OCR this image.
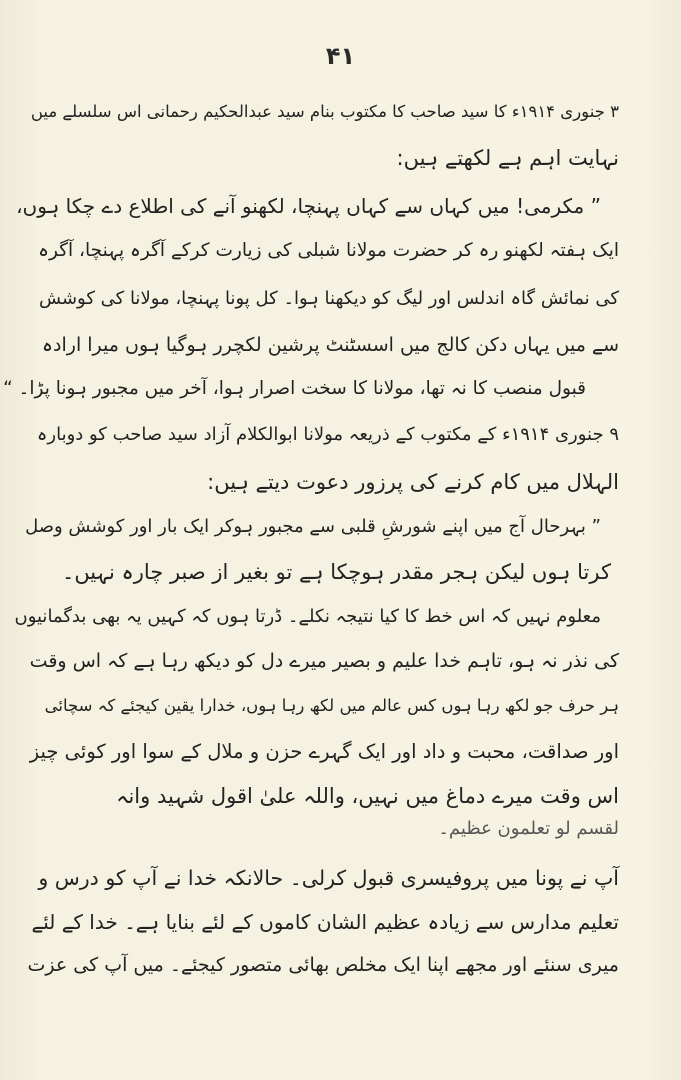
۴۱
۳ جنوری ۱۹۱۴ء کا سید صاحب کا مکتوب بنام سید عبدالحکیم رحمانی اس سلسلے میں
نہایت اہم ہے لکھتے ہیں:
” مکرمی! میں کہاں سے کہاں پہنچا، لکھنو آنے کی اطلاع دے چکا ہوں،
ایک ہفتہ لکھنو رہ کر حضرت مولانا شبلی کی زیارت کرکے آگرہ پہنچا، آگرہ
کی نمائش گاہ اندلس اور لیگ کو دیکھنا ہوا۔ کل پونا پہنچا، مولانا کی کوشش
سے میں یہاں دکن کالج میں اسسٹنٹ پرشین لکچرر ہوگیا ہوں میرا ارادہ
قبول منصب کا نہ تھا، مولانا کا سخت اصرار ہوا، آخر میں مجبور ہونا پڑا۔ “
۹ جنوری ۱۹۱۴ء کے مکتوب کے ذریعہ مولانا ابوالکلام آزاد سید صاحب کو دوبارہ
الہلال میں کام کرنے کی پرزور دعوت دیتے ہیں:
” بہرحال آج میں اپنے شورشِ قلبی سے مجبور ہوکر ایک بار اور کوشش وصل
کرتا ہوں لیکن ہجر مقدر ہوچکا ہے تو بغیر از صبر چارہ نہیں۔
معلوم نہیں کہ اس خط کا کیا نتیجہ نکلے۔ ڈرتا ہوں کہ کہیں یہ بھی بدگمانیوں
کی نذر نہ ہو، تاہم خدا علیم و بصیر میرے دل کو دیکھ رہا ہے کہ اس وقت
ہر حرف جو لکھ رہا ہوں کس عالم میں لکھ رہا ہوں، خدارا یقین کیجئے کہ سچائی
اور صداقت، محبت و داد اور ایک گہرے حزن و ملال کے سوا اور کوئی چیز
اس وقت میرے دماغ میں نہیں، واللہ علیٰ اقول شہید وانہ
لقسم لو تعلمون عظیم۔
آپ نے پونا میں پروفیسری قبول کرلی۔ حالانکہ خدا نے آپ کو درس و
تعلیم مدارس سے زیادہ عظیم الشان کاموں کے لئے بنایا ہے۔ خدا کے لئے
میری سنئے اور مجھے اپنا ایک مخلص بھائی متصور کیجئے۔ میں آپ کی عزت
